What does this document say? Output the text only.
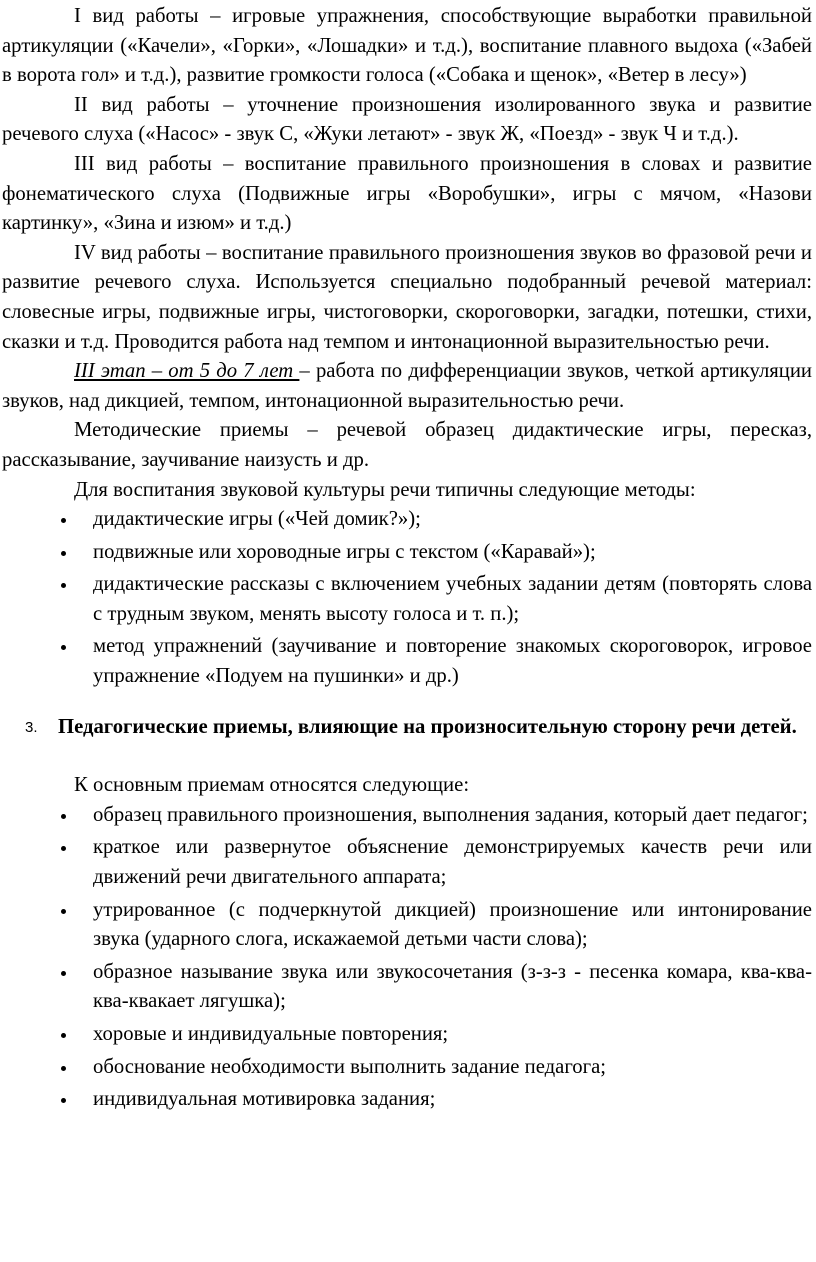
I вид работы – игровые упражнения, способствующие выработки правильной артикуляции («Качели», «Горки», «Лошадки» и т.д.), воспитание плавного выдоха («Забей в ворота гол» и т.д.), развитие громкости голоса («Собака и щенок», «Ветер в лесу»)

II вид работы – уточнение произношения изолированного звука и развитие речевого слуха («Насос» - звук С, «Жуки летают» - звук Ж, «Поезд» - звук Ч и т.д.).

III вид работы – воспитание правильного произношения в словах и развитие фонематического слуха (Подвижные игры «Воробушки», игры с мячом, «Назови картинку», «Зина и изюм» и т.д.)

IV вид работы – воспитание правильного произношения звуков во фразовой речи и развитие речевого слуха. Используется специально подобранный речевой материал: словесные игры, подвижные игры, чистоговорки, скороговорки, загадки, потешки, стихи, сказки и т.д. Проводится работа над темпом и интонационной выразительностью речи.

III этап – от 5 до 7 лет – работа по дифференциации звуков, четкой артикуляции звуков, над дикцией, темпом, интонационной выразительностью речи.

Методические приемы – речевой образец дидактические игры, пересказ, рассказывание, заучивание наизусть и др.

Для воспитания звуковой культуры речи типичны следующие методы:

дидактические игры («Чей домик?»);
подвижные или хороводные игры с текстом («Каравай»);
дидактические рассказы с включением учебных задании детям (повторять слова с трудным звуком, менять высоту голоса и т. п.);
метод упражнений (заучивание и повторение знакомых скороговорок, игровое упражнение «Подуем на пушинки» и др.)

3. Педагогические приемы, влияющие на произносительную сторону речи детей.

К основным приемам относятся следующие:

образец правильного произношения, выполнения задания, который дает педагог;
краткое или развернутое объяснение демонстрируемых качеств речи или движений речи двигательного аппарата;
утрированное (с подчеркнутой дикцией) произношение или интонирование звука (ударного слога, искажаемой детьми части слова);
образное называние звука или звукосочетания (з-з-з - песенка комара, ква-ква-ква-квакает лягушка);
хоровые и индивидуальные повторения;
обоснование необходимости выполнить задание педагога;
индивидуальная мотивировка задания;
